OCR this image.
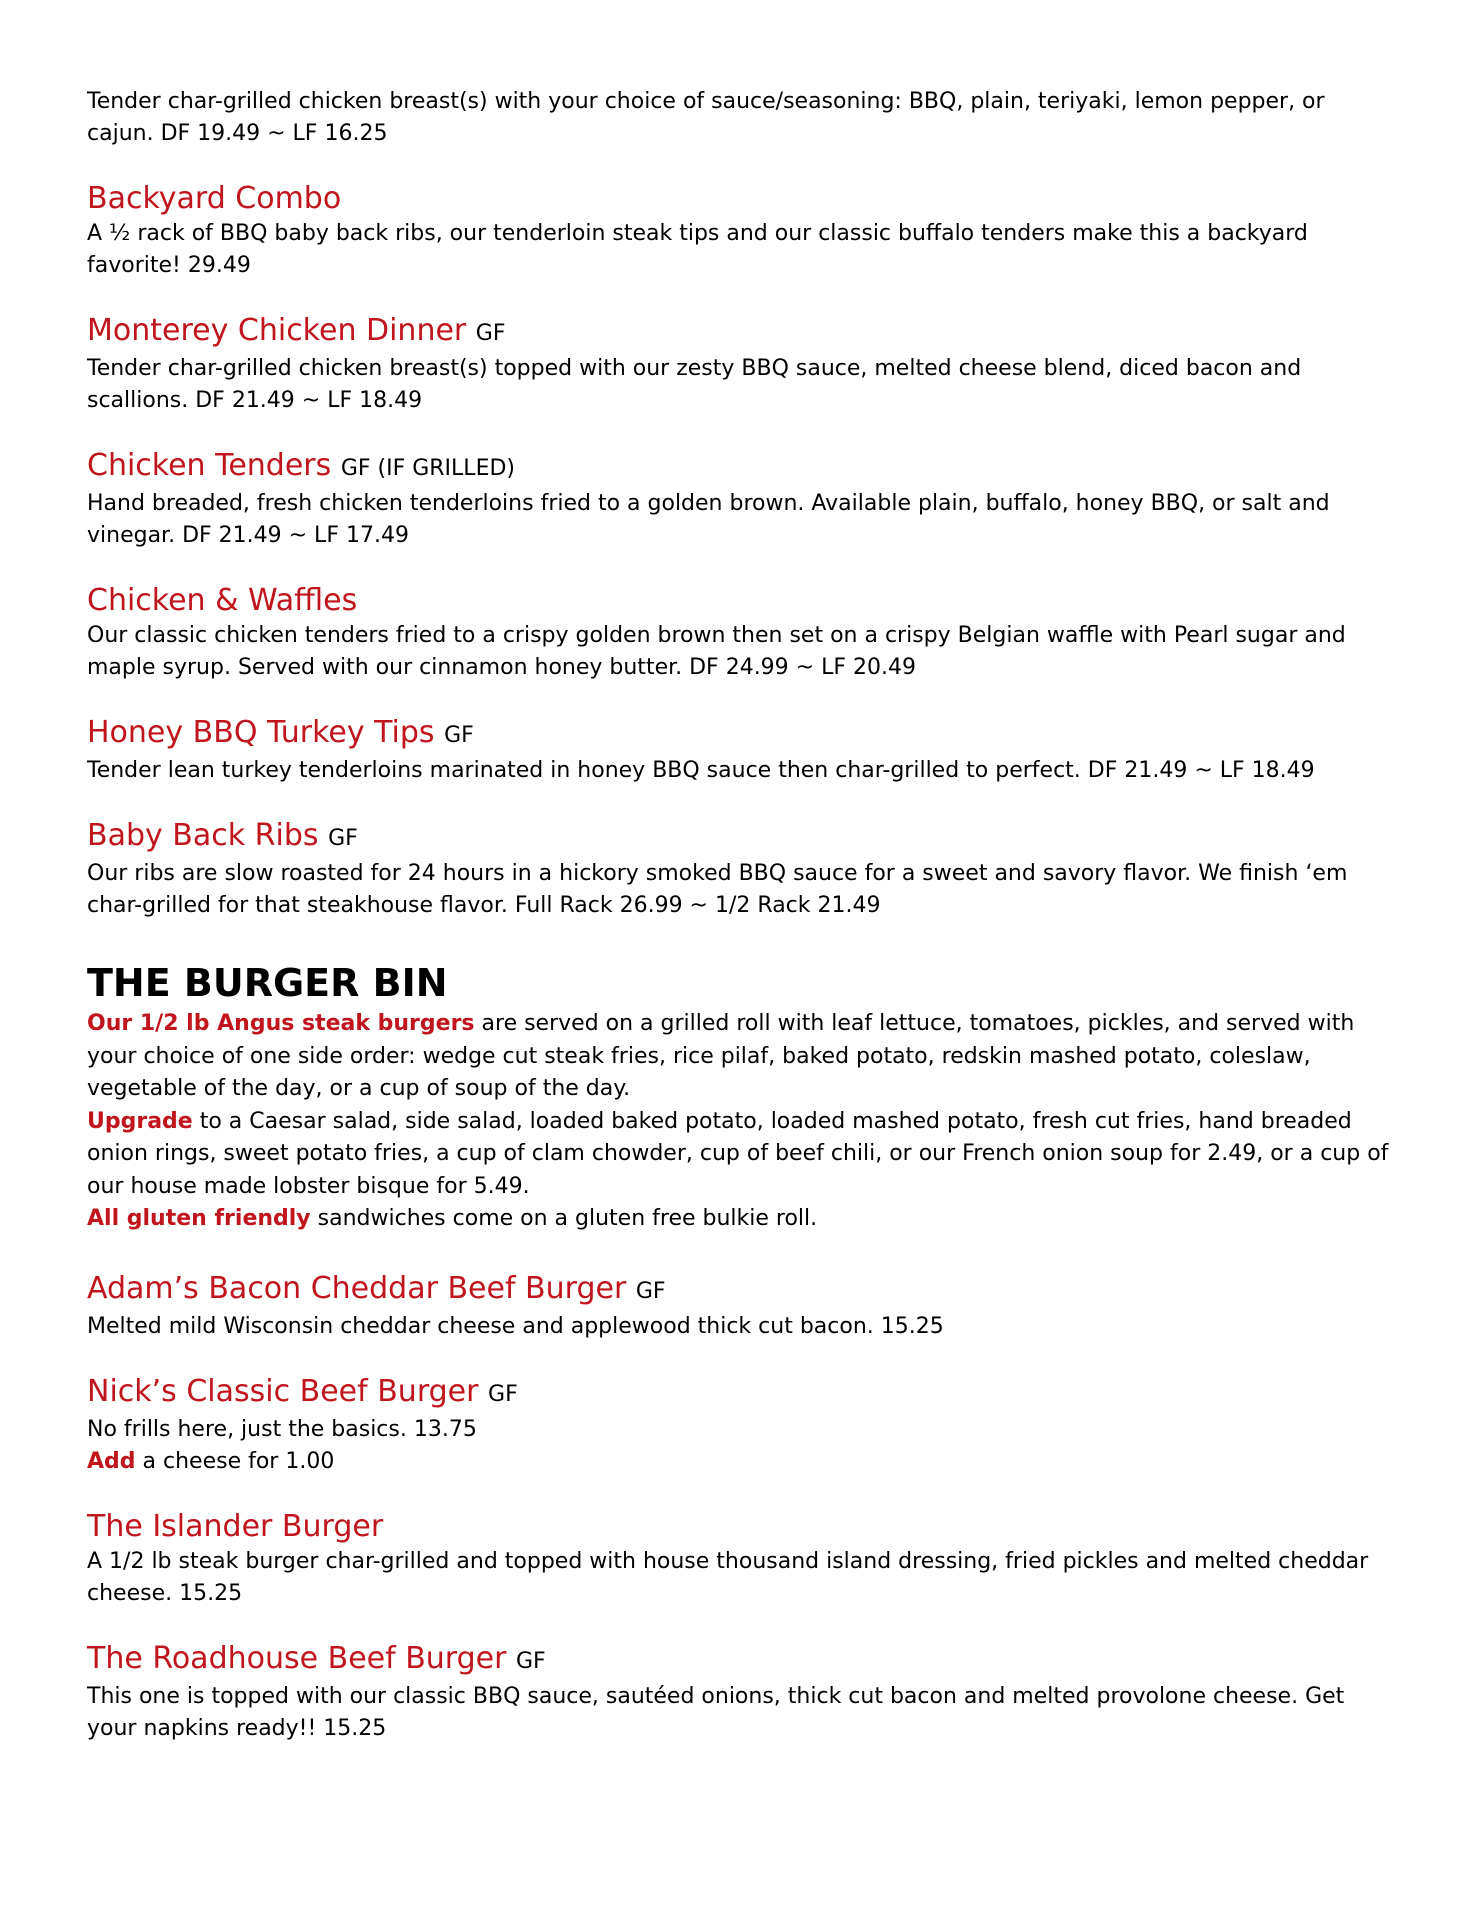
Tender char-grilled chicken breast(s) with your choice of sauce/seasoning: BBQ, plain, teriyaki, lemon pepper, or cajun. DF 19.49 ~ LF 16.25

Backyard Combo

A ½ rack of BBQ baby back ribs, our tenderloin steak tips and our classic buffalo tenders make this a backyard favorite! 29.49

Monterey Chicken Dinner GF

Tender char-grilled chicken breast(s) topped with our zesty BBQ sauce, melted cheese blend, diced bacon and scallions. DF 21.49 ~ LF 18.49

Chicken Tenders GF (IF GRILLED)

Hand breaded, fresh chicken tenderloins fried to a golden brown. Available plain, buffalo, honey BBQ, or salt and vinegar. DF 21.49 ~ LF 17.49

Chicken & Waffles

Our classic chicken tenders fried to a crispy golden brown then set on a crispy Belgian waffle with Pearl sugar and maple syrup. Served with our cinnamon honey butter. DF 24.99 ~ LF 20.49

Honey BBQ Turkey Tips GF

Tender lean turkey tenderloins marinated in honey BBQ sauce then char-grilled to perfect. DF 21.49 ~ LF 18.49

Baby Back Ribs GF

Our ribs are slow roasted for 24 hours in a hickory smoked BBQ sauce for a sweet and savory flavor. We finish ‘em char-grilled for that steakhouse flavor. Full Rack 26.99 ~ 1/2 Rack 21.49

THE BURGER BIN

Our 1/2 lb Angus steak burgers are served on a grilled roll with leaf lettuce, tomatoes, pickles, and served with your choice of one side order: wedge cut steak fries, rice pilaf, baked potato, redskin mashed potato, coleslaw, vegetable of the day, or a cup of soup of the day.

Upgrade to a Caesar salad, side salad, loaded baked potato, loaded mashed potato, fresh cut fries, hand breaded onion rings, sweet potato fries, a cup of clam chowder, cup of beef chili, or our French onion soup for 2.49, or a cup of our house made lobster bisque for 5.49.

All gluten friendly sandwiches come on a gluten free bulkie roll.

Adam’s Bacon Cheddar Beef Burger GF

Melted mild Wisconsin cheddar cheese and applewood thick cut bacon. 15.25

Nick’s Classic Beef Burger GF

No frills here, just the basics. 13.75

Add a cheese for 1.00

The Islander Burger

A 1/2 lb steak burger char-grilled and topped with house thousand island dressing, fried pickles and melted cheddar cheese. 15.25

The Roadhouse Beef Burger GF

This one is topped with our classic BBQ sauce, sautéed onions, thick cut bacon and melted provolone cheese. Get your napkins ready!! 15.25
